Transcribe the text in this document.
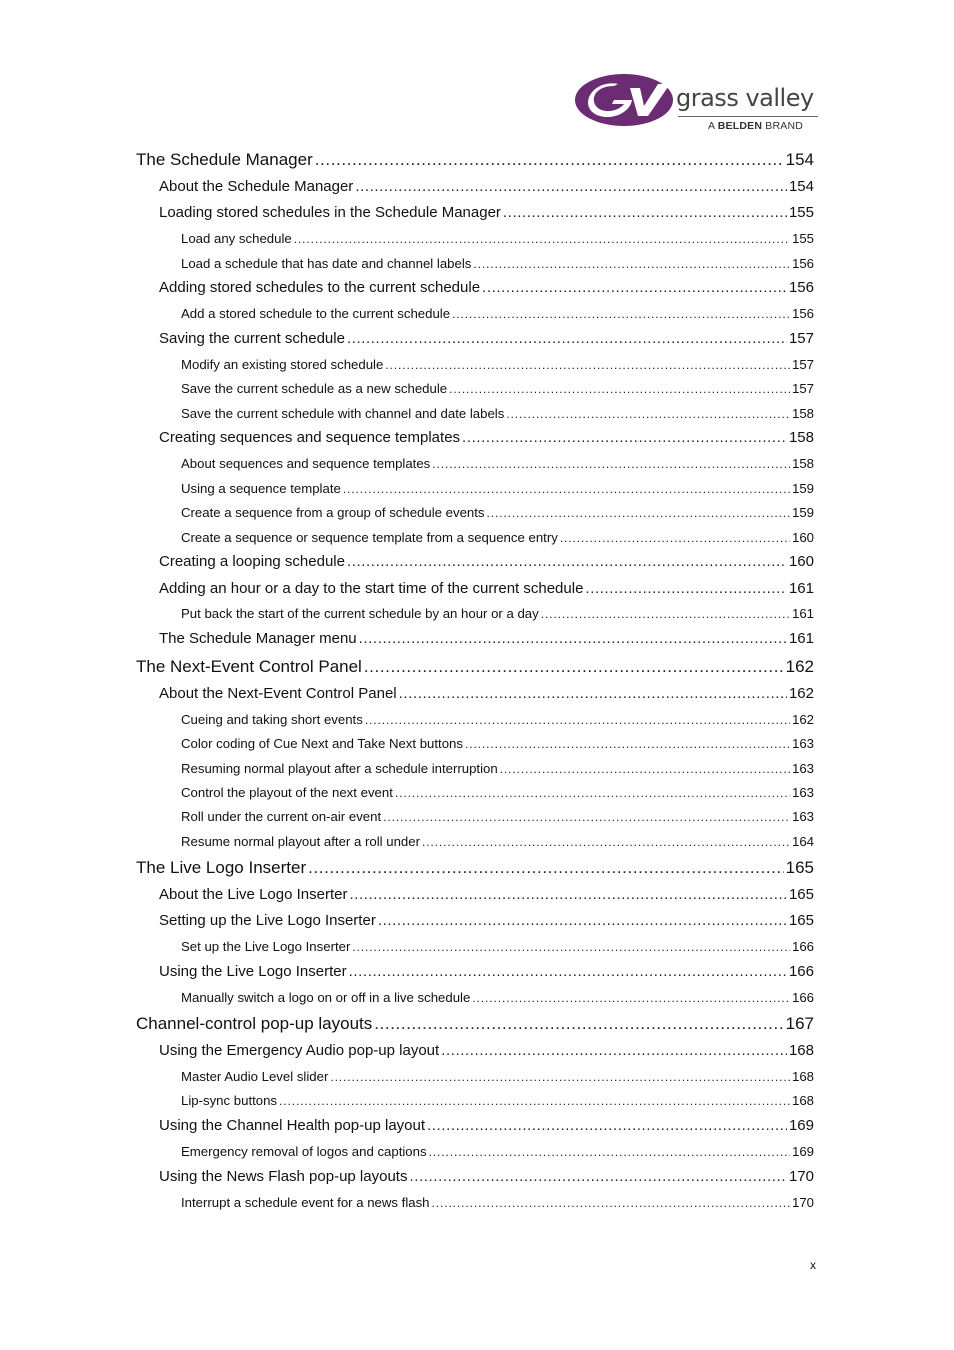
grass valley
A BELDEN BRAND
The Schedule Manager .....	154
About the Schedule Manager .....	154
Loading stored schedules in the Schedule Manager .....	155
Load any schedule .....	155
Load a schedule that has date and channel labels .....	156
Adding stored schedules to the current schedule .....	156
Add a stored schedule to the current schedule .....	156
Saving the current schedule .....	157
Modify an existing stored schedule .....	157
Save the current schedule as a new schedule .....	157
Save the current schedule with channel and date labels .....	158
Creating sequences and sequence templates .....	158
About sequences and sequence templates .....	158
Using a sequence template .....	159
Create a sequence from a group of schedule events .....	159
Create a sequence or sequence template from a sequence entry .....	160
Creating a looping schedule .....	160
Adding an hour or a day to the start time of the current schedule .....	161
Put back the start of the current schedule by an hour or a day .....	161
The Schedule Manager menu .....	161
The Next-Event Control Panel .....	162
About the Next-Event Control Panel .....	162
Cueing and taking short events .....	162
Color coding of Cue Next and Take Next buttons .....	163
Resuming normal playout after a schedule interruption .....	163
Control the playout of the next event .....	163
Roll under the current on-air event .....	163
Resume normal playout after a roll under .....	164
The Live Logo Inserter .....	165
About the Live Logo Inserter .....	165
Setting up the Live Logo Inserter .....	165
Set up the Live Logo Inserter .....	166
Using the Live Logo Inserter .....	166
Manually switch a logo on or off in a live schedule .....	166
Channel-control pop-up layouts .....	167
Using the Emergency Audio pop-up layout .....	168
Master Audio Level slider .....	168
Lip-sync buttons .....	168
Using the Channel Health pop-up layout .....	169
Emergency removal of logos and captions .....	169
Using the News Flash pop-up layouts .....	170
Interrupt a schedule event for a news flash .....	170
x
